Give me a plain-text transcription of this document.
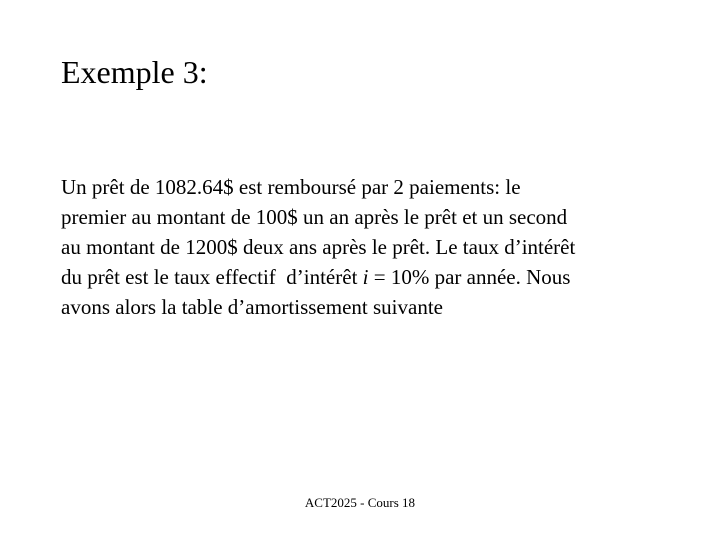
Exemple 3:
Un prêt de 1082.64$ est remboursé par 2 paiements: le
premier au montant de 100$ un an après le prêt et un second
au montant de 1200$ deux ans après le prêt. Le taux d’intérêt
du prêt est le taux effectif  d’intérêt i = 10% par année. Nous
avons alors la table d’amortissement suivante
ACT2025 - Cours 18
